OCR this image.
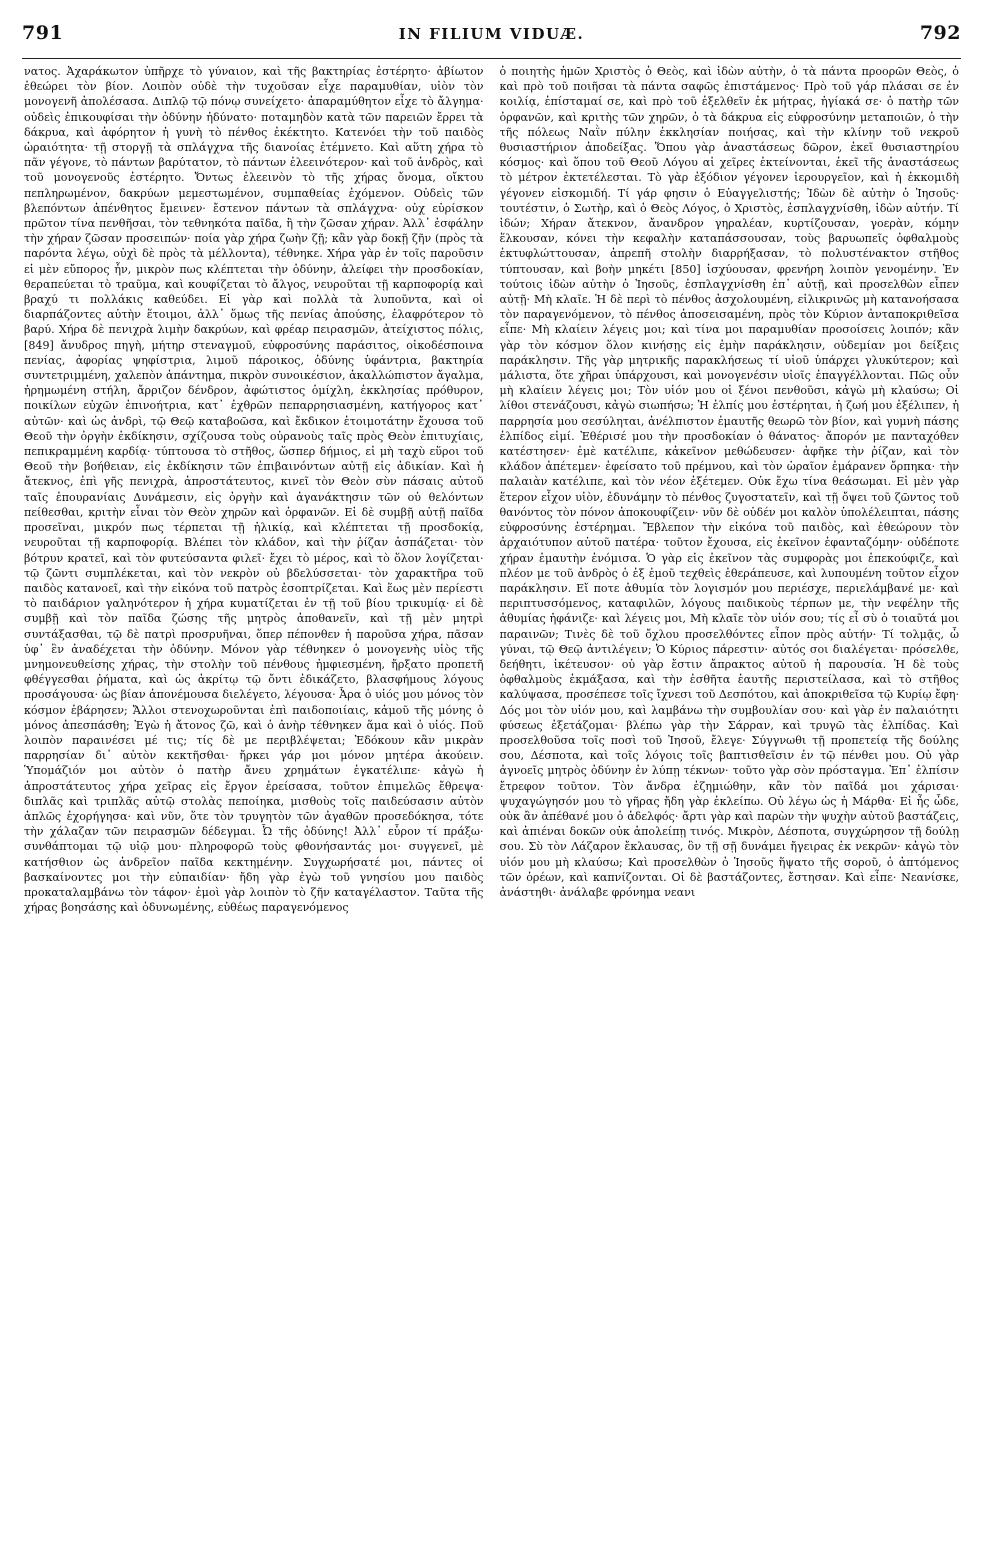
791	IN FILIUM VIDUÆ.	792

νατος. Ἀχαράκωτον ὑπῆρχε τὸ γύναιον, καὶ τῆς βακτηρίας ἐστέρητο· ἀβίωτον ἐθεώρει τὸν βίον. Λοιπὸν οὐδὲ τὴν τυχοῦσαν εἶχε παραμυθίαν, υἱὸν τὸν μονογενῆ ἀπολέσασα. Διπλῷ τῷ πόνῳ συνείχετο· ἀπαραμύθητον εἶχε τὸ ἄλγημα· οὐδεὶς ἐπικουφίσαι τὴν ὀδύνην ἠδύνατο· ποταμηδὸν κατὰ τῶν παρειῶν ἔρρει τὰ δάκρυα, καὶ ἀφόρητον ἡ γυνὴ τὸ πένθος ἐκέκτητο. Κατενόει τὴν τοῦ παιδὸς ὡραιότητα· τῇ στοργῇ τὰ σπλάγχνα τῆς διανοίας ἐτέμνετο. Καὶ αὕτη χήρα τὸ πᾶν γέγονε, τὸ πάντων βαρύτατον, τὸ πάντων ἐλεεινότερον· καὶ τοῦ ἀνδρὸς, καὶ τοῦ μονογενοῦς ἐστέρητο. Ὄντως ἐλεεινὸν τὸ τῆς χήρας ὄνομα, οἴκτου πεπληρωμένον, δακρύων μεμεστωμένον, συμπαθείας ἐχόμενον. Οὐδεὶς τῶν βλεπόντων ἀπένθητος ἔμεινεν· ἔστενον πάντων τὰ σπλάγχνα· οὐχ εὑρίσκον πρῶτον τίνα πενθῆσαι, τὸν τεθνηκότα παῖδα, ἢ τὴν ζῶσαν χήραν. Ἀλλ᾽ ἐσφάλην τὴν χήραν ζῶσαν προσειπών· ποία γὰρ χήρα ζωὴν ζῇ; κἂν γὰρ δοκῇ ζῆν (πρὸς τὰ παρόντα λέγω, οὐχὶ δὲ πρὸς τὰ μέλλοντα), τέθνηκε. Χήρα γὰρ ἐν τοῖς παροῦσιν εἰ μὲν εὔπορος ἦν, μικρὸν πως κλέπτεται τὴν ὀδύνην, ἀλείφει τὴν προσδοκίαν, θεραπεύεται τὸ τραῦμα, καὶ κουφίζεται τὸ ἄλγος, νευροῦται τῇ καρποφορίᾳ καὶ βραχύ τι πολλάκις καθεύδει. Εἰ γὰρ καὶ πολλὰ τὰ λυποῦντα, καὶ οἱ διαρπάζοντες αὐτὴν ἕτοιμοι, ἀλλ᾽ ὅμως τῆς πενίας ἀπούσης, ἐλαφρότερον τὸ βαρύ. Χήρα δὲ πενιχρὰ λιμὴν δακρύων, καὶ φρέαρ πειρασμῶν, ἀτείχιστος πόλις, [849] ἄνυδρος πηγὴ, μήτηρ στεναγμοῦ, εὐφροσύνης παράσιτος, οἰκοδέσποινα πενίας, ἀφορίας ψηφίστρια, λιμοῦ πάροικος, ὀδύνης ὑφάντρια, βακτηρία συντετριμμένη, χαλεπὸν ἀπάντημα, πικρὸν συνοικέσιον, ἀκαλλώπιστον ἄγαλμα, ἠρημωμένη στήλη, ἄρριζον δένδρον, ἀφώτιστος ὁμίχλη, ἐκκλησίας πρόθυρον, ποικίλων εὐχῶν ἐπινοήτρια, κατ᾽ ἐχθρῶν πεπαρρησιασμένη, κατήγορος κατ᾽ αὐτῶν· καὶ ὡς ἀνδρὶ, τῷ Θεῷ καταβοῶσα, καὶ ἔκδικον ἑτοιμοτάτην ἔχουσα τοῦ Θεοῦ τὴν ὀργὴν ἐκδίκησιν, σχίζουσα τοὺς οὐρανοὺς ταῖς πρὸς Θεὸν ἐπιτυχίαις, πεπικραμμένη καρδίᾳ· τύπτουσα τὸ στῆθος, ὥσπερ δήμιος, εἰ μὴ ταχὺ εὕροι τοῦ Θεοῦ τὴν βοήθειαν, εἰς ἐκδίκησιν τῶν ἐπιβαινόντων αὐτῇ εἰς ἀδικίαν. Καὶ ἡ ἄτεκνος, ἐπὶ γῆς πενιχρὰ, ἀπροστάτευτος, κινεῖ τὸν Θεὸν σὺν πάσαις αὐτοῦ ταῖς ἐπουρανίαις Δυνάμεσιν, εἰς ὀργὴν καὶ ἀγανάκτησιν τῶν οὐ θελόντων πείθεσθαι, κριτὴν εἶναι τὸν Θεὸν χηρῶν καὶ ὀρφανῶν. Εἰ δὲ συμβῇ αὐτῇ παῖδα προσεῖναι, μικρόν πως τέρπεται τῇ ἡλικίᾳ, καὶ κλέπτεται τῇ προσδοκίᾳ, νευροῦται τῇ καρποφορίᾳ. Βλέπει τὸν κλάδον, καὶ τὴν ῥίζαν ἀσπάζεται· τὸν βότρυν κρατεῖ, καὶ τὸν φυτεύσαντα φιλεῖ· ἔχει τὸ μέρος, καὶ τὸ ὅλον λογίζεται· τῷ ζῶντι συμπλέκεται, καὶ τὸν νεκρὸν οὐ βδελύσσεται· τὸν χαρακτῆρα τοῦ παιδὸς κατανοεῖ, καὶ τὴν εἰκόνα τοῦ πατρὸς ἐσοπτρίζεται. Καὶ ἕως μὲν περίεστι τὸ παιδάριον γαληνότερον ἡ χήρα κυματίζεται ἐν τῇ τοῦ βίου τρικυμίᾳ· εἰ δὲ συμβῇ καὶ τὸν παῖδα ζώσης τῆς μητρὸς ἀποθανεῖν, καὶ τῇ μὲν μητρὶ συντάξασθαι, τῷ δὲ πατρὶ προσρυῆναι, ὅπερ πέπονθεν ἡ παροῦσα χήρα, πᾶσαν ὑφ᾽ ἓν ἀναδέχεται τὴν ὀδύνην. Μόνον γὰρ τέθνηκεν ὁ μονογενὴς υἱὸς τῆς μνημονευθείσης χήρας, τὴν στολὴν τοῦ πένθους ἠμφιεσμένη, ἤρξατο προπετῆ φθέγγεσθαι ῥήματα, καὶ ὡς ἀκρίτῳ τῷ ὄντι ἐδικάζετο, βλασφήμους λόγους προσάγουσα· ὡς βίαν ἀπονέμουσα διελέγετο, λέγουσα· Ἆρα ὁ υἱός μου μόνος τὸν κόσμον ἐβάρησεν; Ἄλλοι στενοχωροῦνται ἐπὶ παιδοποιίαις, κἀμοῦ τῆς μόνης ὁ μόνος ἀπεσπάσθη; Ἐγὼ ἡ ἄτονος ζῶ, καὶ ὁ ἀνὴρ τέθνηκεν ἅμα καὶ ὁ υἱός. Ποῦ λοιπὸν παραινέσει μέ τις; τίς δὲ με περιβλέψεται; Ἐδόκουν κἂν μικρὰν παρρησίαν δι᾽ αὐτὸν κεκτῆσθαι· ἤρκει γάρ μοι μόνον μητέρα ἀκούειν. Ὑπομάζιόν μοι αὐτὸν ὁ πατὴρ ἄνευ χρημάτων ἐγκατέλιπε· κἀγὼ ἡ ἀπροστάτευτος χήρα χεῖρας εἰς ἔργον ἐρείσασα, τοῦτον ἐπιμελῶς ἔθρεψα· διπλᾶς καὶ τριπλᾶς αὐτῷ στολὰς πεποίηκα, μισθοὺς τοῖς παιδεύσασιν αὐτὸν ἁπλῶς ἐχορήγησα· καὶ νῦν, ὅτε τὸν τρυγητὸν τῶν ἀγαθῶν προσεδόκησα, τότε τὴν χάλαζαν τῶν πειρασμῶν δέδεγμαι. Ὦ τῆς ὀδύνης! Ἀλλ᾽ εὗρον τί πράξω· συνθάπτομαι τῷ υἱῷ μου· πληροφορῶ τοὺς φθονήσαντάς μοι· συγγενεῖ, μὲ κατήσθιον ὡς ἀνδρεῖον παῖδα κεκτημένην. Συγχωρήσατέ μοι, πάντες οἱ βασκαίνοντες μοι τὴν εὐπαιδίαν· ἤδη γὰρ ἐγὼ τοῦ γνησίου μου παιδὸς προκαταλαμβάνω τὸν τάφον· ἐμοὶ γὰρ λοιπὸν τὸ ζῆν καταγέλαστον. Ταῦτα τῆς χήρας βοησάσης καὶ ὀδυνωμένης, εὐθέως παραγενόμενος

ὁ ποιητὴς ἡμῶν Χριστὸς ὁ Θεὸς, καὶ ἰδὼν αὐτὴν, ὁ τὰ πάντα προορῶν Θεὸς, ὁ καὶ πρὸ τοῦ ποιῆσαι τὰ πάντα σαφῶς ἐπιστάμενος· Πρὸ τοῦ γάρ πλάσαι σε ἐν κοιλίᾳ, ἐπίσταμαί σε, καὶ πρὸ τοῦ ἐξελθεῖν ἐκ μήτρας, ἡγίακά σε· ὁ πατὴρ τῶν ὀρφανῶν, καὶ κριτὴς τῶν χηρῶν, ὁ τὰ δάκρυα εἰς εὐφροσύνην μεταποιῶν, ὁ τὴν τῆς πόλεως Ναῒν πύλην ἐκκλησίαν ποιήσας, καὶ τὴν κλίνην τοῦ νεκροῦ θυσιαστήριον ἀποδείξας. Ὅπου γὰρ ἀναστάσεως δῶρον, ἐκεῖ θυσιαστηρίου κόσμος· καὶ ὅπου τοῦ Θεοῦ Λόγου αἱ χεῖρες ἐκτείνονται, ἐκεῖ τῆς ἀναστάσεως τὸ μέτρον ἐκτετέλεσται. Τὸ γὰρ ἐξόδιον γέγονεν ἱερουργεῖον, καὶ ἡ ἐκκομιδὴ γέγονεν εἰσκομιδή. Τί γάρ φησιν ὁ Εὐαγγελιστής; Ἰδὼν δὲ αὐτὴν ὁ Ἰησοῦς· τουτέστιν, ὁ Σωτὴρ, καὶ ὁ Θεὸς Λόγος, ὁ Χριστὸς, ἐσπλαγχνίσθη, ἰδὼν αὐτήν. Τί ἰδών; Χήραν ἄτεκνον, ἄνανδρον γηραλέαν, κυρτίζουσαν, γοερὰν, κόμην ἕλκουσαν, κόνει τὴν κεφαλὴν καταπάσσουσαν, τοὺς βαρυωπεῖς ὀφθαλμοὺς ἐκτυφλώττουσαν, ἀπρεπῆ στολὴν διαρρήξασαν, τὸ πολυστένακτον στῆθος τύπτουσαν, καὶ βοὴν μηκέτι [850] ἰσχύουσαν, φρενήρη λοιπὸν γενομένην. Ἐν τούτοις ἰδὼν αὐτὴν ὁ Ἰησοῦς, ἐσπλαγχνίσθη ἐπ᾽ αὐτῇ, καὶ προσελθὼν εἶπεν αὐτῇ· Μὴ κλαῖε. Ἡ δὲ περὶ τὸ πένθος ἀσχολουμένη, εἰλικρινῶς μὴ κατανοήσασα τὸν παραγενόμενον, τὸ πένθος ἀποσεισαμένη, πρὸς τὸν Κύριον ἀνταποκριθεῖσα εἶπε· Μὴ κλαίειν λέγεις μοι; καὶ τίνα μοι παραμυθίαν προσοίσεις λοιπόν; κἂν γὰρ τὸν κόσμον ὅλον κινήσῃς εἰς ἐμὴν παράκλησιν, οὐδεμίαν μοι δείξεις παράκλησιν. Τῆς γὰρ μητρικῆς παρακλήσεως τί υἱοῦ ὑπάρχει γλυκύτερον; καὶ μάλιστα, ὅτε χῆραι ὑπάρχουσι, καὶ μονογενέσιν υἱοῖς ἐπαγγέλλονται. Πῶς οὖν μὴ κλαίειν λέγεις μοι; Τὸν υἱόν μου οἱ ξένοι πενθοῦσι, κἀγὼ μὴ κλαύσω; Οἱ λίθοι στενάζουσι, κἀγὼ σιωπήσω; Ἡ ἐλπίς μου ἐστέρηται, ἡ ζωή μου ἐξέλιπεν, ἡ παρρησία μου σεσύληται, ἀνέλπιστον ἐμαυτῆς θεωρῶ τὸν βίον, καὶ γυμνὴ πάσης ἐλπίδος εἰμί. Ἐθέρισέ μου τὴν προσδοκίαν ὁ θάνατος· ἄπορόν με πανταχόθεν κατέστησεν· ἐμὲ κατέλιπε, κἀκεῖνον μεθώδευσεν· ἀφῆκε τὴν ῥίζαν, καὶ τὸν κλάδον ἀπέτεμεν· ἐφείσατο τοῦ πρέμνου, καὶ τὸν ὡραῖον ἐμάρανεν ὄρπηκα· τὴν παλαιὰν κατέλιπε, καὶ τὸν νέον ἐξέτεμεν. Οὐκ ἔχω τίνα θεάσωμαι. Εἰ μὲν γὰρ ἕτερον εἶχον υἱὸν, ἐδυνάμην τὸ πένθος ζυγοστατεῖν, καὶ τῇ ὄψει τοῦ ζῶντος τοῦ θανόντος τὸν πόνον ἀποκουφίζειν· νῦν δὲ οὐδέν μοι καλὸν ὑπολέλειπται, πάσης εὐφροσύνης ἐστέρημαι. Ἔβλεπον τὴν εἰκόνα τοῦ παιδὸς, καὶ ἐθεώρουν τὸν ἀρχαιότυπον αὐτοῦ πατέρα· τοῦτον ἔχουσα, εἰς ἐκεῖνον ἐφανταζόμην· οὐδέποτε χήραν ἐμαυτὴν ἐνόμισα. Ὁ γὰρ εἰς ἐκεῖνον τὰς συμφορὰς μοι ἐπεκούφιζε, καὶ πλέον με τοῦ ἀνδρὸς ὁ ἐξ ἐμοῦ τεχθεὶς ἐθεράπευσε, καὶ λυπουμένη τοῦτον εἶχον παράκλησιν. Εἴ ποτε ἀθυμία τὸν λογισμόν μου περιέσχε, περιελάμβανέ με· καὶ περιπτυσσόμενος, καταφιλῶν, λόγους παιδικοὺς τέρπων με, τὴν νεφέλην τῆς ἀθυμίας ἠφάνιζε· καὶ λέγεις μοι, Μὴ κλαῖε τὸν υἱόν σου; τίς εἶ σὺ ὁ τοιαῦτά μοι παραινῶν; Τινὲς δὲ τοῦ ὄχλου προσελθόντες εἶπον πρὸς αὐτήν· Τί τολμᾷς, ὦ γύναι, τῷ Θεῷ ἀντιλέγειν; Ὁ Κύριος πάρεστιν· αὐτός σοι διαλέγεται· πρόσελθε, δεήθητι, ἱκέτευσον· οὐ γὰρ ἔστιν ἄπρακτος αὐτοῦ ἡ παρουσία. Ἡ δὲ τοὺς ὀφθαλμοὺς ἐκμάξασα, καὶ τὴν ἐσθῆτα ἑαυτῆς περιστείλασα, καὶ τὸ στῆθος καλύψασα, προσέπεσε τοῖς ἴχνεσι τοῦ Δεσπότου, καὶ ἀποκριθεῖσα τῷ Κυρίῳ ἔφη· Δός μοι τὸν υἱόν μου, καὶ λαμβάνω τὴν συμβουλίαν σου· καὶ γὰρ ἐν παλαιότητι φύσεως ἐξετάζομαι· βλέπω γὰρ τὴν Σάρραν, καὶ τρυγῶ τὰς ἐλπίδας. Καὶ προσελθοῦσα τοῖς ποσὶ τοῦ Ἰησοῦ, ἔλεγε· Σύγγνωθι τῇ προπετείᾳ τῆς δούλης σου, Δέσποτα, καὶ τοῖς λόγοις τοῖς βαπτισθεῖσιν ἐν τῷ πένθει μου. Οὐ γὰρ ἀγνοεῖς μητρὸς ὀδύνην ἐν λύπῃ τέκνων· τοῦτο γὰρ σὸν πρόσταγμα. Ἐπ᾽ ἐλπίσιν ἔτρεφον τοῦτον. Τὸν ἄνδρα ἐζημιώθην, κἂν τὸν παῖδά μοι χάρισαι· ψυχαγώγησόν μου τὸ γῆρας ἤδη γὰρ ἐκλείπω. Οὐ λέγω ὡς ἡ Μάρθα· Εἰ ἦς ὧδε, οὐκ ἂν ἀπέθανέ μου ὁ ἀδελφός· ἄρτι γὰρ καὶ παρὼν τὴν ψυχὴν αὐτοῦ βαστάζεις, καὶ ἀπιέναι δοκῶν οὐκ ἀπολείπῃ τινός. Μικρὸν, Δέσποτα, συγχώρησον τῇ δούλῃ σου. Σὺ τὸν Λάζαρον ἔκλαυσας, ὃν τῇ σῇ δυνάμει ἤγειρας ἐκ νεκρῶν· κἀγὼ τὸν υἱόν μου μὴ κλαύσω; Καὶ προσελθὼν ὁ Ἰησοῦς ἥψατο τῆς σοροῦ, ὁ ἀπτόμενος τῶν ὀρέων, καὶ καπνίζονται. Οἱ δὲ βαστάζοντες, ἔστησαν. Καὶ εἶπε· Νεανίσκε, ἀνάστηθι· ἀνάλαβε φρόνημα νεανι
